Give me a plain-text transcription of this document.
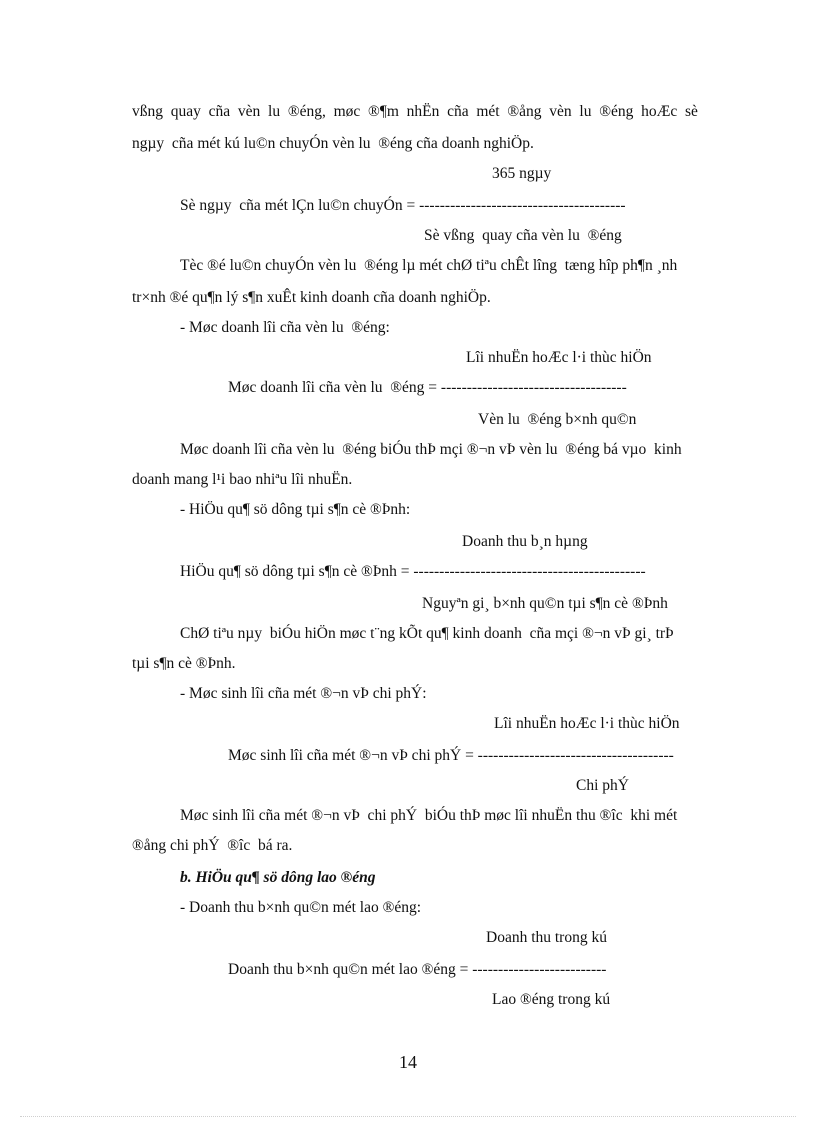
vßng  quay  cña  vèn  lu  ®éng,  møc  ®¶m  nhËn  cña  mét  ®ång  vèn  lu  ®éng  hoÆc  sè
ngµy  cña mét kú lu©n chuyÓn vèn lu  ®éng cña doanh nghiÖp.
365 ngµy
Sè ngµy  cña mét lÇn lu©n chuyÓn = ----------------------------------------
Sè vßng  quay cña vèn lu  ®éng
Tèc ®é lu©n chuyÓn vèn lu  ®éng lµ mét chØ tiªu chÊt lîng  tæng hîp ph¶n ¸nh
tr×nh ®é qu¶n lý s¶n xuÊt kinh doanh cña doanh nghiÖp.
- Møc doanh lîi cña vèn lu  ®éng:
Lîi nhuËn hoÆc l·i thùc hiÖn
Møc doanh lîi cña vèn lu  ®éng = ------------------------------------
Vèn lu  ®éng b×nh qu©n
Møc doanh lîi cña vèn lu  ®éng biÓu thÞ mçi ®¬n vÞ vèn lu  ®éng bá vµo  kinh
doanh mang l¹i bao nhiªu lîi nhuËn.
- HiÖu qu¶ sö dông tµi s¶n cè ®Þnh:
Doanh thu b¸n hµng
HiÖu qu¶ sö dông tµi s¶n cè ®Þnh = ---------------------------------------------
Nguyªn gi¸ b×nh qu©n tµi s¶n cè ®Þnh
ChØ tiªu nµy  biÓu hiÖn møc t¨ng kÕt qu¶ kinh doanh  cña mçi ®¬n vÞ gi¸ trÞ
tµi s¶n cè ®Þnh.
- Møc sinh lîi cña mét ®¬n vÞ chi phÝ:
Lîi nhuËn hoÆc l·i thùc hiÖn
Møc sinh lîi cña mét ®¬n vÞ chi phÝ = --------------------------------------
Chi phÝ
Møc sinh lîi cña mét ®¬n vÞ  chi phÝ  biÓu thÞ møc lîi nhuËn thu ®îc  khi mét
®ång chi phÝ  ®îc  bá ra.
b. HiÖu qu¶ sö dông lao ®éng
- Doanh thu b×nh qu©n mét lao ®éng:
Doanh thu trong kú
Doanh thu b×nh qu©n mét lao ®éng = --------------------------
Lao ®éng trong kú
14
